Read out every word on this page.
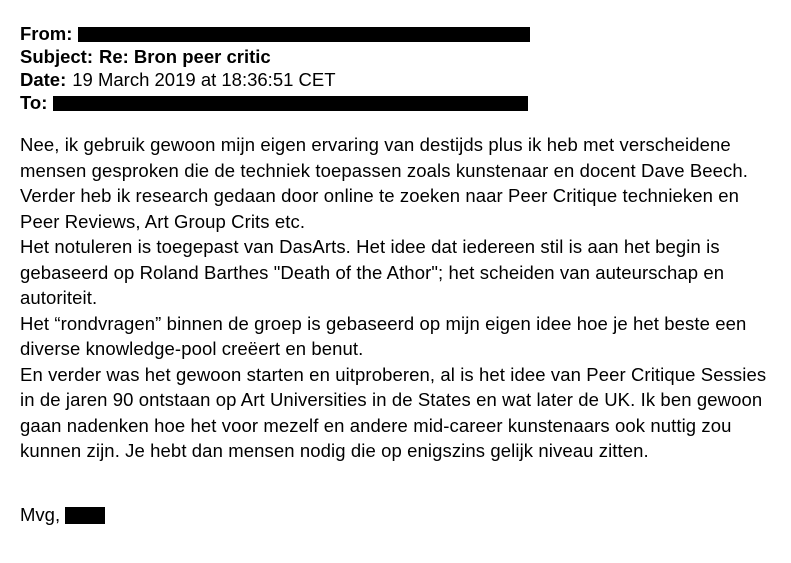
From:
Subject: Re: Bron peer critic
Date: 19 March 2019 at 18:36:51 CET
To:

Nee, ik gebruik gewoon mijn eigen ervaring van destijds plus ik heb met verscheidene mensen gesproken die de techniek toepassen zoals kunstenaar en docent Dave Beech. Verder heb ik research gedaan door online te zoeken naar Peer Critique technieken en Peer Reviews, Art Group Crits etc.

Het notuleren is toegepast van DasArts. Het idee dat iedereen stil is aan het begin is gebaseerd op Roland Barthes "Death of the Athor"; het scheiden van auteurschap en autoriteit.

Het “rondvragen” binnen de groep is gebaseerd op mijn eigen idee hoe je het beste een diverse knowledge-pool creëert en benut.

En verder was het gewoon starten en uitproberen, al is het idee van Peer Critique Sessies in de jaren 90 ontstaan op Art Universities in de States en wat later de UK. Ik ben gewoon gaan nadenken hoe het voor mezelf en andere mid-career kunstenaars ook nuttig zou kunnen zijn. Je hebt dan mensen nodig die op enigszins gelijk niveau zitten.

Mvg,
